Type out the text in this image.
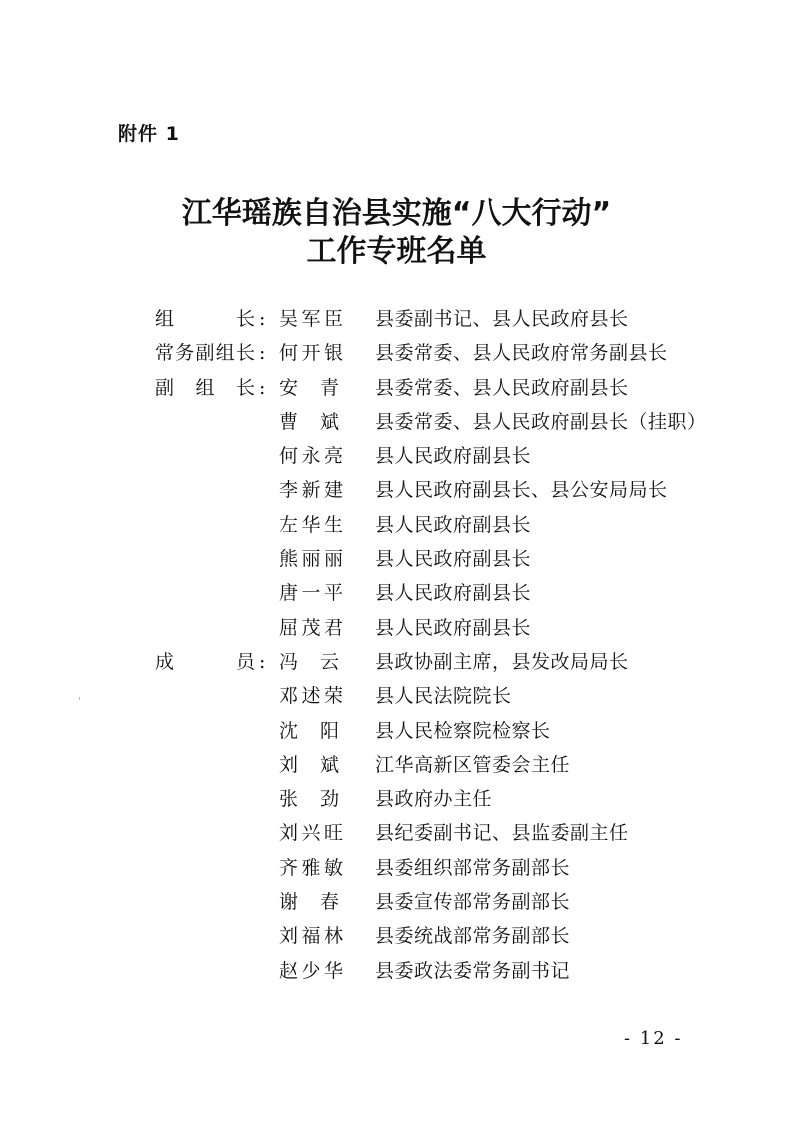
附件 1
江华瑶族自治县实施“八大行动”
工作专班名单
组	长 : 吴 军 臣 县委副书记、县人民政府县长
常 务 副 组 长 : 何 开 银 县委常委、县人民政府常务副县长
副 组 长 : 安 青 县委常委、县人民政府副县长
曹 斌 县委常委、县人民政府副县长（挂职）
何 永 亮 县人民政府副县长
李 新 建 县人民政府副县长、县公安局局长
左 华 生 县人民政府副县长
熊 丽 丽 县人民政府副县长
唐 一 平 县人民政府副县长
屈 茂 君 县人民政府副县长
成	员 : 冯 云 县政协副主席，县发改局局长
邓 述 荣 县人民法院院长
沈 阳 县人民检察院检察长
刘 斌 江华高新区管委会主任
张 劲 县政府办主任
刘 兴 旺 县纪委副书记、县监委副主任
齐 雅 敏 县委组织部常务副部长
谢 春 县委宣传部常务副部长
刘 福 林 县委统战部常务副部长
赵 少 华 县委政法委常务副书记
- 12 -
